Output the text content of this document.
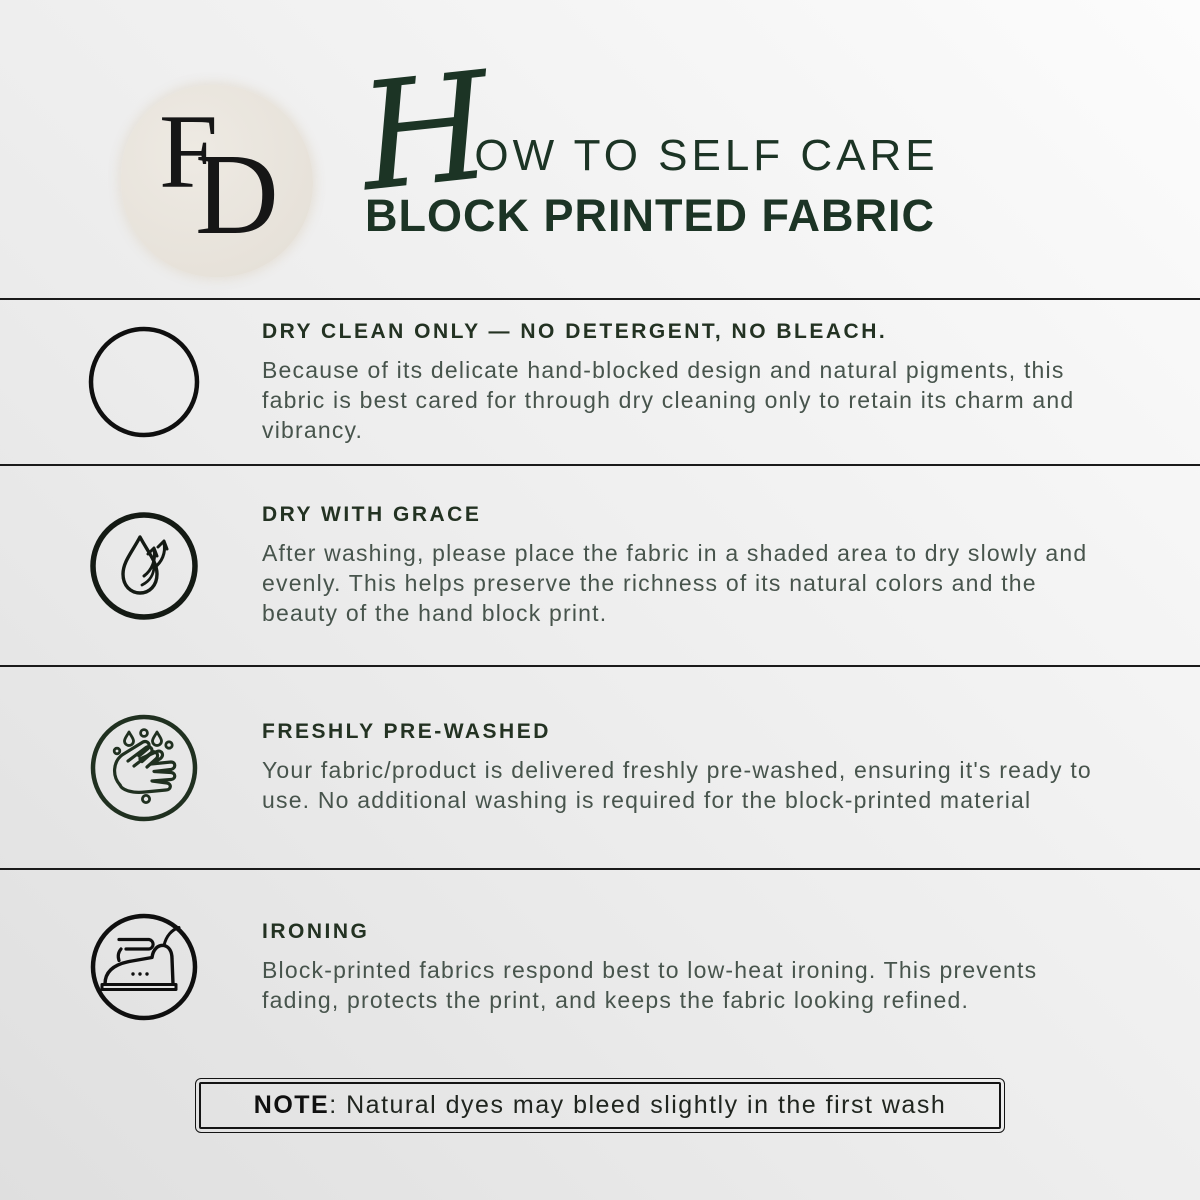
F
D H
OW TO SELF CARE
BLOCK PRINTED FABRIC
DRY CLEAN ONLY — NO DETERGENT, NO BLEACH.
Because of its delicate hand-blocked design and natural pigments, this fabric is best cared for through dry cleaning only to retain its charm and vibrancy.
DRY WITH GRACE
After washing, please place the fabric in a shaded area to dry slowly and evenly. This helps preserve the richness of its natural colors and the beauty of the hand block print.
FRESHLY PRE-WASHED
Your fabric/product is delivered freshly pre-washed, ensuring it's ready to use. No additional washing is required for the block-printed material
IRONING
Block-printed fabrics respond best to low-heat ironing. This prevents fading, protects the print, and keeps the fabric looking refined.
NOTE: Natural dyes may bleed slightly in the first wash
